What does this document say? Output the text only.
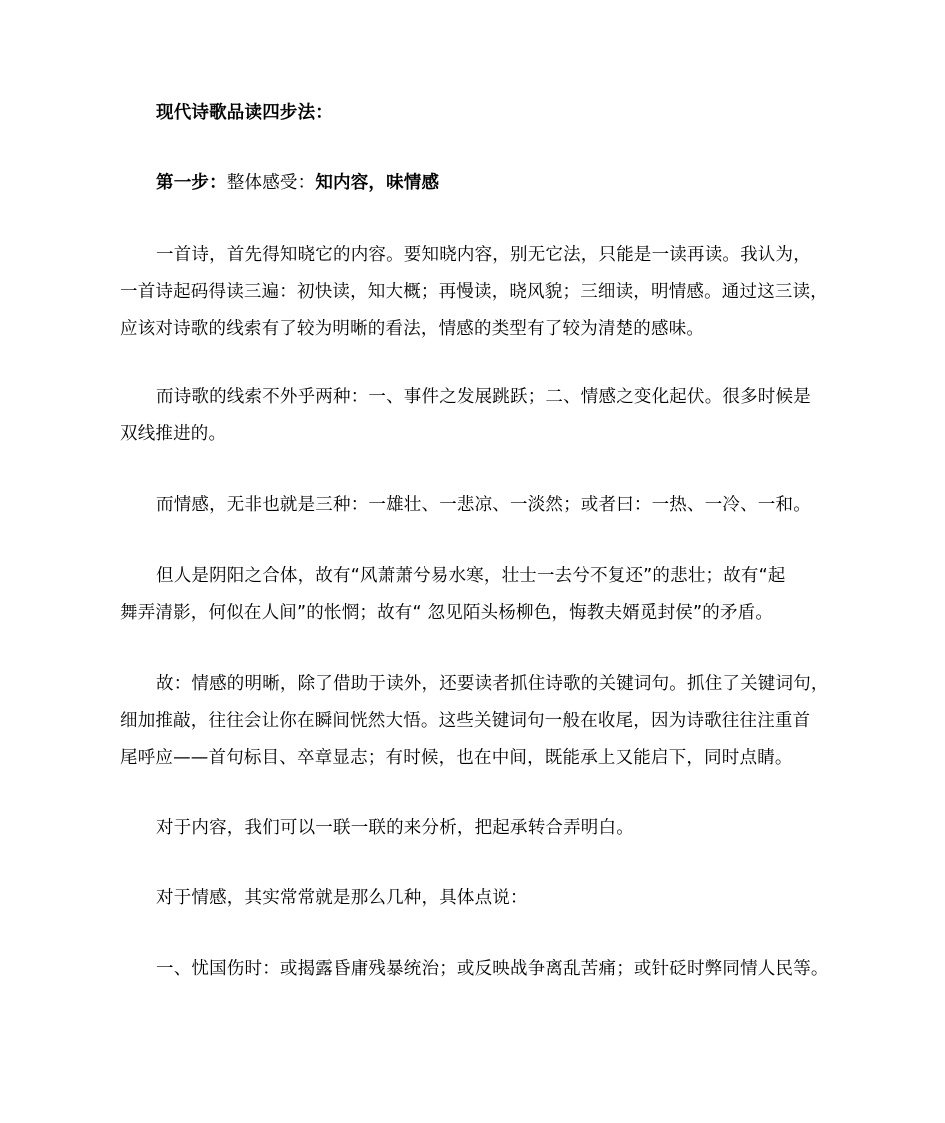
现代诗歌品读四步法：
第一步：整体感受：知内容，味情感
一首诗，首先得知晓它的内容。要知晓内容，别无它法，只能是一读再读。我认为，
一首诗起码得读三遍：初快读，知大概；再慢读，晓风貌；三细读，明情感。通过这三读，
应该对诗歌的线索有了较为明晰的看法，情感的类型有了较为清楚的感味。
而诗歌的线索不外乎两种：一、事件之发展跳跃；二、情感之变化起伏。很多时候是
双线推进的。
而情感，无非也就是三种：一雄壮、一悲凉、一淡然；或者曰：一热、一冷、一和。
但人是阴阳之合体，故有“风萧萧兮易水寒，壮士一去兮不复还”的悲壮；故有“起
舞弄清影，何似在人间”的怅惘；故有“ 忽见陌头杨柳色，悔教夫婿觅封侯”的矛盾。
故：情感的明晰，除了借助于读外，还要读者抓住诗歌的关键词句。抓住了关键词句，
细加推敲，往往会让你在瞬间恍然大悟。这些关键词句一般在收尾，因为诗歌往往注重首
尾呼应——首句标目、卒章显志；有时候，也在中间，既能承上又能启下，同时点睛。
对于内容，我们可以一联一联的来分析，把起承转合弄明白。
对于情感，其实常常就是那么几种，具体点说：
一、忧国伤时：或揭露昏庸残暴统治；或反映战争离乱苦痛；或针砭时弊同情人民等。
